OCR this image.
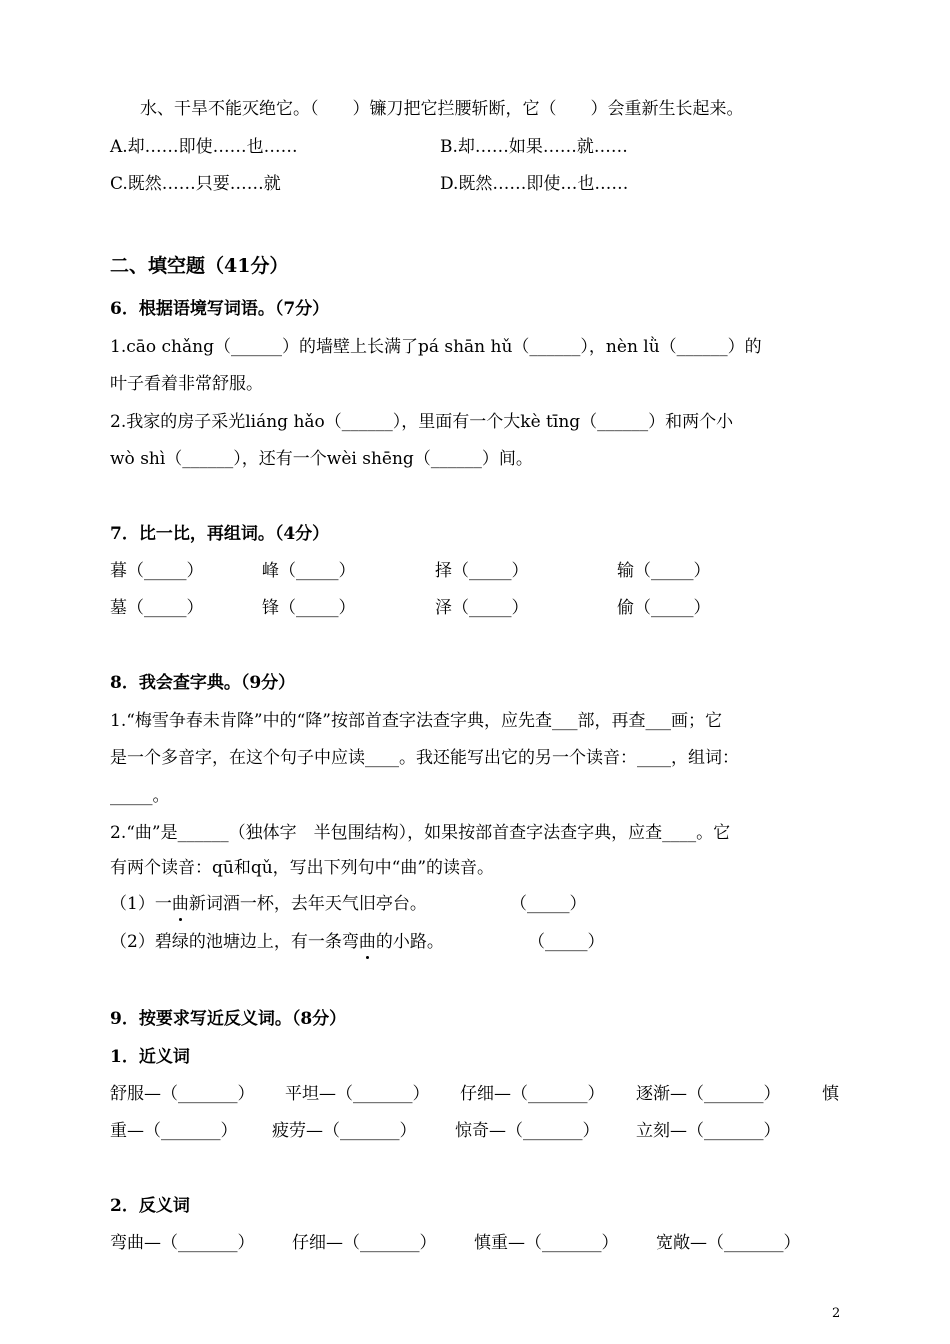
水、干旱不能灭绝它。（　　）镰刀把它拦腰斩断，它（　　）会重新生长起来。
A.却……即使……也……	B.却……如果……就……
C.既然……只要……就	D.既然……即使…也……
二、填空题（41分）
6．根据语境写词语。（7分）
1.cāo chǎng（______）的墙壁上长满了pá shān hǔ（______），nèn lǜ（______）的
叶子看着非常舒服。
2.我家的房子采光liáng hǎo（______），里面有一个大kè tīng（______）和两个小
wò shì（______），还有一个wèi shēng（______）间。
7．比一比，再组词。（4分）
暮（_____）	峰（_____）	择（_____）	输（_____）
墓（_____）	锋（_____）	泽（_____）	偷（_____）
8．我会查字典。（9分）
1.“梅雪争春未肯降”中的“降”按部首查字法查字典，应先查___部，再查___画；它
是一个多音字，在这个句子中应读____。我还能写出它的另一个读音：____，组词：
_____。
2.“曲”是______（独体字　半包围结构），如果按部首查字法查字典，应查____。它
有两个读音：qū和qǔ，写出下列句中“曲”的读音。
（1）一曲新词酒一杯，去年天气旧亭台。	（_____）
（2）碧绿的池塘边上，有一条弯曲的小路。	（_____）
9．按要求写近反义词。（8分）
1．近义词
舒服—（_______） 平坦—（_______） 仔细—（_______） 逐渐—（_______） 慎
重—（_______） 疲劳—（_______） 惊奇—（_______） 立刻—（_______）
2．反义词
弯曲—（_______） 仔细—（_______） 慎重—（_______） 宽敞—（_______）
2
